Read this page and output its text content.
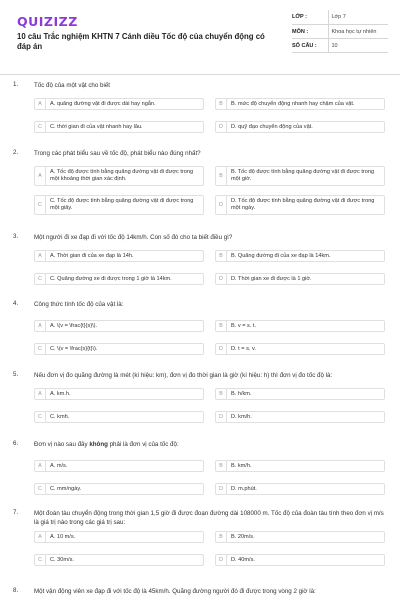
QUIZIZZ
10 câu Trắc nghiệm KHTN 7 Cánh diều Tốc độ của chuyển động có đáp án
LỚP :	Lớp 7
MÔN :	Khoa học tự nhiên
SỐ CÂU :	10
1.	Tốc độ của một vật cho biết
A	A. quãng đường vật đi được dài hay ngắn.	B	B. mức độ chuyển động nhanh hay chậm của vật.
C	C. thời gian đi của vật nhanh hay lâu.	D	D. quỹ đạo chuyển động của vật.
2.	Trong các phát biểu sau về tốc độ, phát biểu nào đúng nhất?
A
A. Tốc độ được tính bằng quãng đường vật đi được trong một khoảng thời gian xác định.	B
B. Tốc độ được tính bằng quãng đường vật đi được trong một giờ.
C
C. Tốc độ được tính bằng quãng đường vật đi được trong một giây.	D
D. Tốc độ được tính bằng quãng đường vật đi được trong một ngày.
3.	Một người đi xe đạp đi với tốc độ 14km/h. Con số đó cho ta biết điều gì?
A	A. Thời gian đi của xe đạp là 14h.	B	B. Quãng đường đi của xe đạp là 14km.
C	C. Quãng đường xe đi được trong 1 giờ là 14km.	D	D. Thời gian xe đi được là 1 giờ.
4.	Công thức tính tốc độ của vật là:
A	A. \(v = \frac{t}{s}\).	B	B. v = s. t.
C	C. \(v = \frac{s}{t}\).	D	D. t = s. v.
5.	Nếu đơn vị đo quãng đường là mét (kí hiệu: km), đơn vị đo thời gian là giờ (kí hiệu: h) thì đơn vị đo tốc độ là:
A	A. km.h.	B	B. h/km.
C	C. kmh.	D	D. km/h.
6.	Đơn vị nào sau đây không phải là đơn vị của tốc độ:
A	A. m/s.	B	B. km/h.
C	C. mm/ngày.	D	D. m.phút.
7.	Một đoàn tàu chuyển động trong thời gian 1,5 giờ đi được đoạn đường dài 108000 m. Tốc độ của đoàn tàu tính theo đơn vị m/s là giá trị nào trong các giá trị sau:
A	A. 10 m/s.	B	B. 20m/s.
C	C. 30m/s.	D	D. 40m/s.
8.	Một vận động viên xe đạp đi với tốc độ là 45km/h. Quãng đường người đó đi được trong vòng 2 giờ là:
